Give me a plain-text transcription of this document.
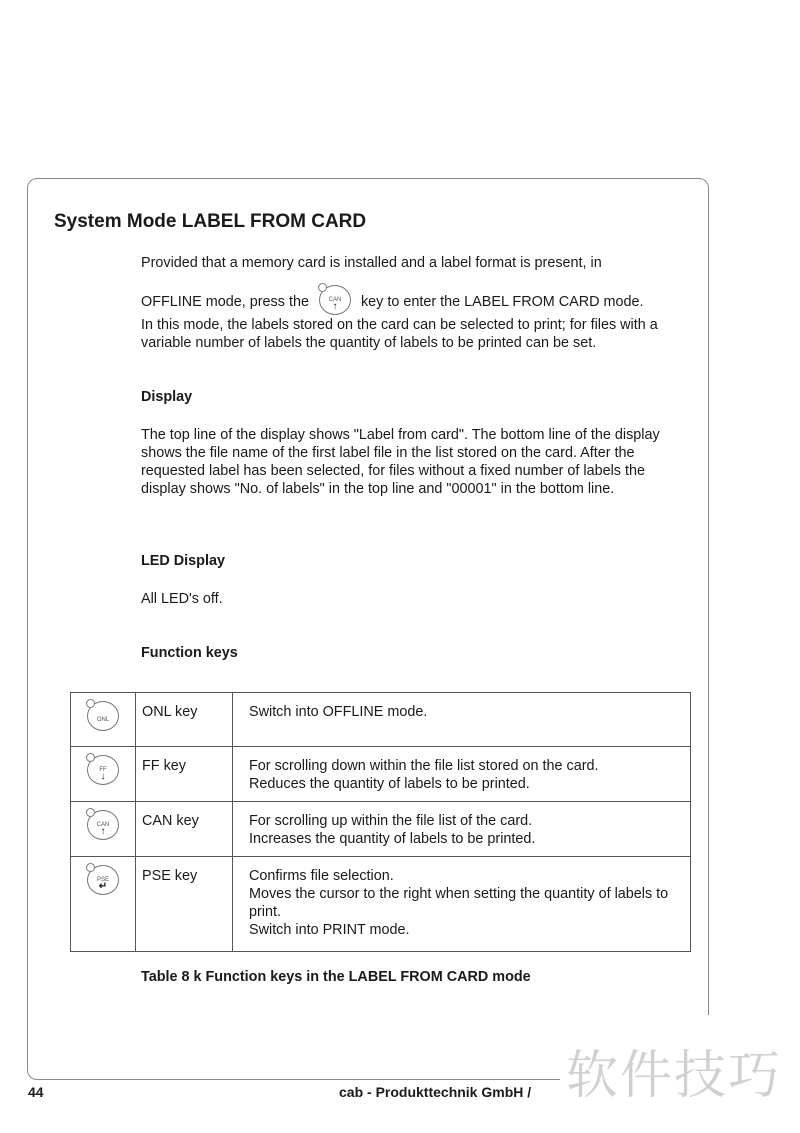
System Mode LABEL FROM CARD
Provided that a memory card is installed and a label format is present, in
OFFLINE mode, press the	CAN
↑	key to enter the LABEL FROM CARD mode.
In this mode, the labels stored on the card can be selected to print; for files with a variable number of labels the quantity of labels to be printed can be set.
Display
The top line of the display shows "Label from card". The bottom line of the display shows the file name of the first label file in the list stored on the card. After the requested label has been selected, for files without a fixed number of labels the display shows "No. of labels" in the top line and "00001" in the bottom line.
LED Display
All LED's off.
Function keys
ONL	ONL key	Switch into OFFLINE mode.

FF
↓
	FF key	For scrolling down within the file list stored on the card.
Reduces the quantity of labels to be printed.

CAN
↑
	CAN key	For scrolling up within the file list of the card.
Increases the quantity of labels to be printed.

PSE
↵
	PSE key	Confirms file selection.
Moves the cursor to the right when setting the quantity of labels to print.
Switch into PRINT mode.
Table 8 k Function keys in the LABEL FROM CARD mode
44	cab - Produkttechnik GmbH / 软件技巧
